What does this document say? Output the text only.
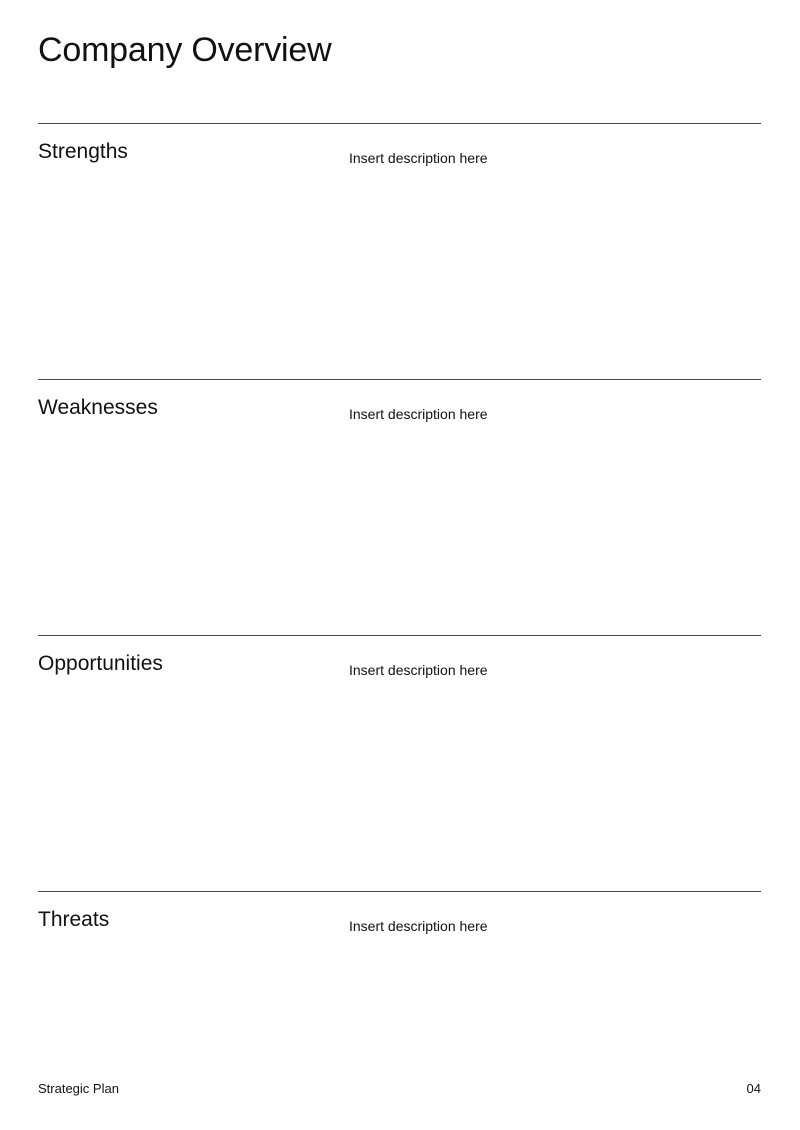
Company Overview
Strengths	Insert description here

Weaknesses	Insert description here

Opportunities	Insert description here

Threats	Insert description here

Strategic Plan	04
